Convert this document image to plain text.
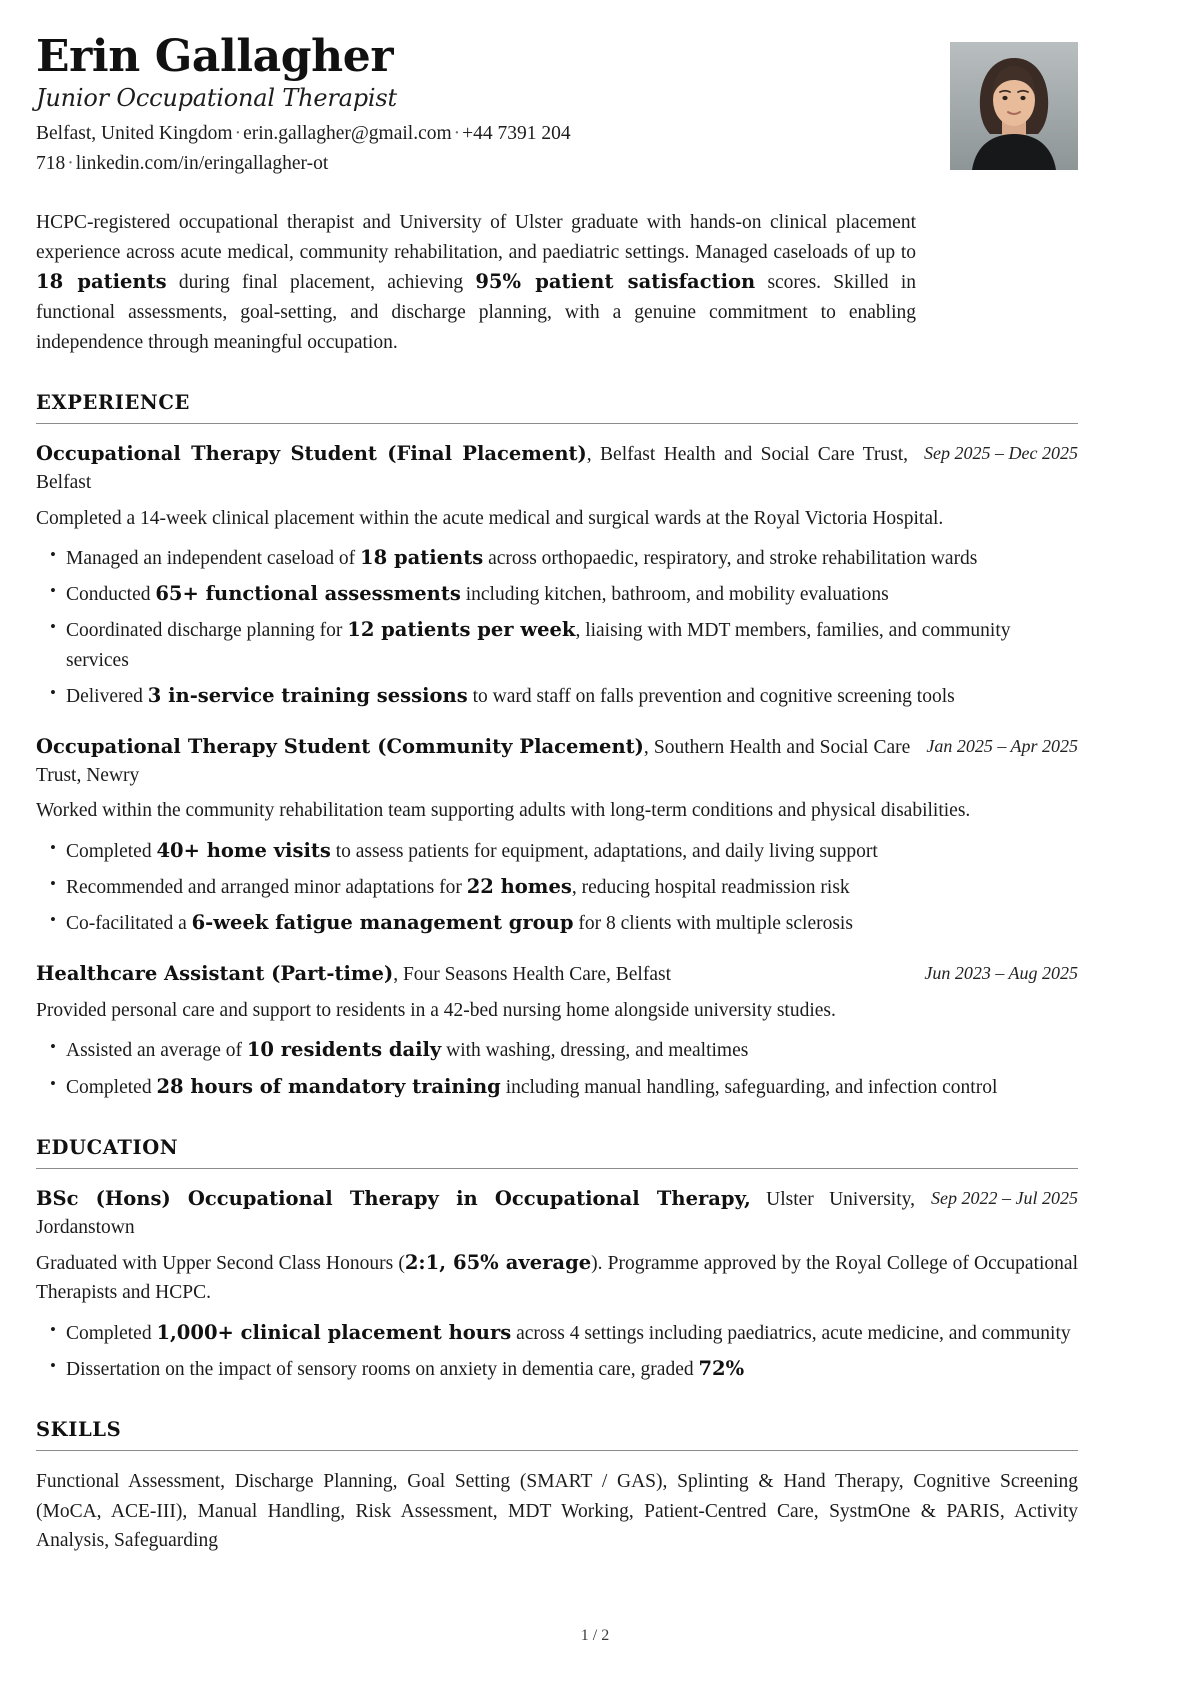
Erin Gallagher
Junior Occupational Therapist
Belfast, United Kingdom · erin.gallagher@gmail.com · +44 7391 204 718 · linkedin.com/in/eringallagher-ot

HCPC-registered occupational therapist and University of Ulster graduate with hands-on clinical placement experience across acute medical, community rehabilitation, and paediatric settings. Managed caseloads of up to 18 patients during final placement, achieving 95% patient satisfaction scores. Skilled in functional assessments, goal-setting, and discharge planning, with a genuine commitment to enabling independence through meaningful occupation.

EXPERIENCE
Occupational Therapy Student (Final Placement), Belfast Health and Social Care Trust, Belfast
Sep 2025 – Dec 2025
Completed a 14-week clinical placement within the acute medical and surgical wards at the Royal Victoria Hospital.
• Managed an independent caseload of 18 patients across orthopaedic, respiratory, and stroke rehabilitation wards
• Conducted 65+ functional assessments including kitchen, bathroom, and mobility evaluations
• Coordinated discharge planning for 12 patients per week, liaising with MDT members, families, and community services
• Delivered 3 in-service training sessions to ward staff on falls prevention and cognitive screening tools
Occupational Therapy Student (Community Placement), Southern Health and Social Care Trust, Newry
Jan 2025 – Apr 2025
Worked within the community rehabilitation team supporting adults with long-term conditions and physical disabilities.
• Completed 40+ home visits to assess patients for equipment, adaptations, and daily living support
• Recommended and arranged minor adaptations for 22 homes, reducing hospital readmission risk
• Co-facilitated a 6-week fatigue management group for 8 clients with multiple sclerosis
Healthcare Assistant (Part-time), Four Seasons Health Care, Belfast	Jun 2023 – Aug 2025
Provided personal care and support to residents in a 42-bed nursing home alongside university studies.
• Assisted an average of 10 residents daily with washing, dressing, and mealtimes
• Completed 28 hours of mandatory training including manual handling, safeguarding, and infection control
EDUCATION
BSc (Hons) Occupational Therapy in Occupational Therapy, Ulster University, Jordanstown
Sep 2022 – Jul 2025
Graduated with Upper Second Class Honours (2:1, 65% average). Programme approved by the Royal College of Occupational Therapists and HCPC.
• Completed 1,000+ clinical placement hours across 4 settings including paediatrics, acute medicine, and community
• Dissertation on the impact of sensory rooms on anxiety in dementia care, graded 72%
SKILLS
Functional Assessment, Discharge Planning, Goal Setting (SMART / GAS), Splinting & Hand Therapy, Cognitive Screening (MoCA, ACE-III), Manual Handling, Risk Assessment, MDT Working, Patient-Centred Care, SystmOne & PARIS, Activity Analysis, Safeguarding
1 / 2
